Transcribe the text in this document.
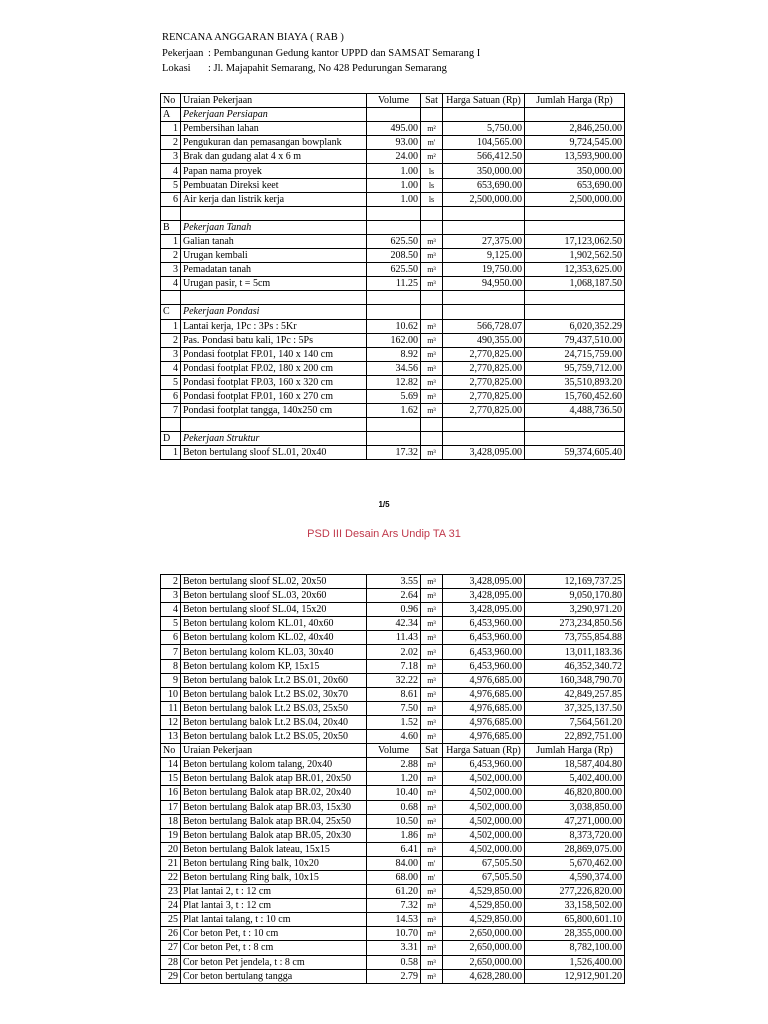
RENCANA ANGGARAN BIAYA ( RAB )
Pekerjaan : Pembangunan Gedung kantor UPPD dan SAMSAT Semarang I
Lokasi : Jl. Majapahit Semarang, No 428 Pedurungan Semarang
No	Uraian Pekerjaan	Volume	Sat	Harga Satuan (Rp)	Jumlah Harga (Rp)
A	Pekerjaan Persiapan				
1	Pembersihan lahan	495.00	m²	5,750.00	2,846,250.00
2	Pengukuran dan pemasangan bowplank	93.00	m'	104,565.00	9,724,545.00
3	Brak dan gudang alat 4 x 6 m	24.00	m²	566,412.50	13,593,900.00
4	Papan nama proyek	1.00	ls	350,000.00	350,000.00
5	Pembuatan Direksi keet	1.00	ls	653,690.00	653,690.00
6	Air kerja dan listrik kerja	1.00	ls	2,500,000.00	2,500,000.00

B	Pekerjaan Tanah				
1	Galian tanah	625.50	m³	27,375.00	17,123,062.50
2	Urugan kembali	208.50	m³	9,125.00	1,902,562.50
3	Pemadatan tanah	625.50	m³	19,750.00	12,353,625.00
4	Urugan pasir, t = 5cm	11.25	m³	94,950.00	1,068,187.50

C	Pekerjaan Pondasi				
1	Lantai kerja, 1Pc : 3Ps : 5Kr	10.62	m³	566,728.07	6,020,352.29
2	Pas. Pondasi batu kali, 1Pc : 5Ps	162.00	m³	490,355.00	79,437,510.00
3	Pondasi footplat FP.01, 140 x 140 cm	8.92	m³	2,770,825.00	24,715,759.00
4	Pondasi footplat FP.02, 180 x 200 cm	34.56	m³	2,770,825.00	95,759,712.00
5	Pondasi footplat FP.03, 160 x 320 cm	12.82	m³	2,770,825.00	35,510,893.20
6	Pondasi footplat FP.01, 160 x 270 cm	5.69	m³	2,770,825.00	15,760,452.60
7	Pondasi footplat tangga, 140x250 cm	1.62	m³	2,770,825.00	4,488,736.50

D	Pekerjaan Struktur				
1	Beton bertulang sloof SL.01, 20x40	17.32	m³	3,428,095.00	59,374,605.40
1/5
PSD III Desain Ars Undip TA 31
2	Beton bertulang sloof SL.02, 20x50	3.55	m³	3,428,095.00	12,169,737.25
3	Beton bertulang sloof SL.03, 20x60	2.64	m³	3,428,095.00	9,050,170.80
4	Beton bertulang sloof SL.04, 15x20	0.96	m³	3,428,095.00	3,290,971.20
5	Beton bertulang kolom KL.01, 40x60	42.34	m³	6,453,960.00	273,234,850.56
6	Beton bertulang kolom KL.02, 40x40	11.43	m³	6,453,960.00	73,755,854.88
7	Beton bertulang kolom KL.03, 30x40	2.02	m³	6,453,960.00	13,011,183.36
8	Beton bertulang kolom KP, 15x15	7.18	m³	6,453,960.00	46,352,340.72
9	Beton bertulang balok Lt.2 BS.01, 20x60	32.22	m³	4,976,685.00	160,348,790.70
10	Beton bertulang balok Lt.2 BS.02, 30x70	8.61	m³	4,976,685.00	42,849,257.85
11	Beton bertulang balok Lt.2 BS.03, 25x50	7.50	m³	4,976,685.00	37,325,137.50
12	Beton bertulang balok Lt.2 BS.04, 20x40	1.52	m³	4,976,685.00	7,564,561.20
13	Beton bertulang balok Lt.2 BS.05, 20x50	4.60	m³	4,976,685.00	22,892,751.00
No	Uraian Pekerjaan	Volume	Sat	Harga Satuan (Rp)	Jumlah Harga (Rp)
14	Beton bertulang kolom talang, 20x40	2.88	m³	6,453,960.00	18,587,404.80
15	Beton bertulang Balok atap BR.01, 20x50	1.20	m³	4,502,000.00	5,402,400.00
16	Beton bertulang Balok atap BR.02, 20x40	10.40	m³	4,502,000.00	46,820,800.00
17	Beton bertulang Balok atap BR.03, 15x30	0.68	m³	4,502,000.00	3,038,850.00
18	Beton bertulang Balok atap BR.04, 25x50	10.50	m³	4,502,000.00	47,271,000.00
19	Beton bertulang Balok atap BR.05, 20x30	1.86	m³	4,502,000.00	8,373,720.00
20	Beton bertulang Balok lateau, 15x15	6.41	m³	4,502,000.00	28,869,075.00
21	Beton bertulang Ring balk, 10x20	84.00	m'	67,505.50	5,670,462.00
22	Beton bertulang Ring balk, 10x15	68.00	m'	67,505.50	4,590,374.00
23	Plat lantai 2, t : 12 cm	61.20	m³	4,529,850.00	277,226,820.00
24	Plat lantai 3, t : 12 cm	7.32	m³	4,529,850.00	33,158,502.00
25	Plat lantai talang, t : 10 cm	14.53	m³	4,529,850.00	65,800,601.10
26	Cor beton Pet, t : 10 cm	10.70	m³	2,650,000.00	28,355,000.00
27	Cor beton Pet, t : 8 cm	3.31	m³	2,650,000.00	8,782,100.00
28	Cor beton Pet jendela, t : 8 cm	0.58	m³	2,650,000.00	1,526,400.00
29	Cor beton bertulang tangga	2.79	m³	4,628,280.00	12,912,901.20
